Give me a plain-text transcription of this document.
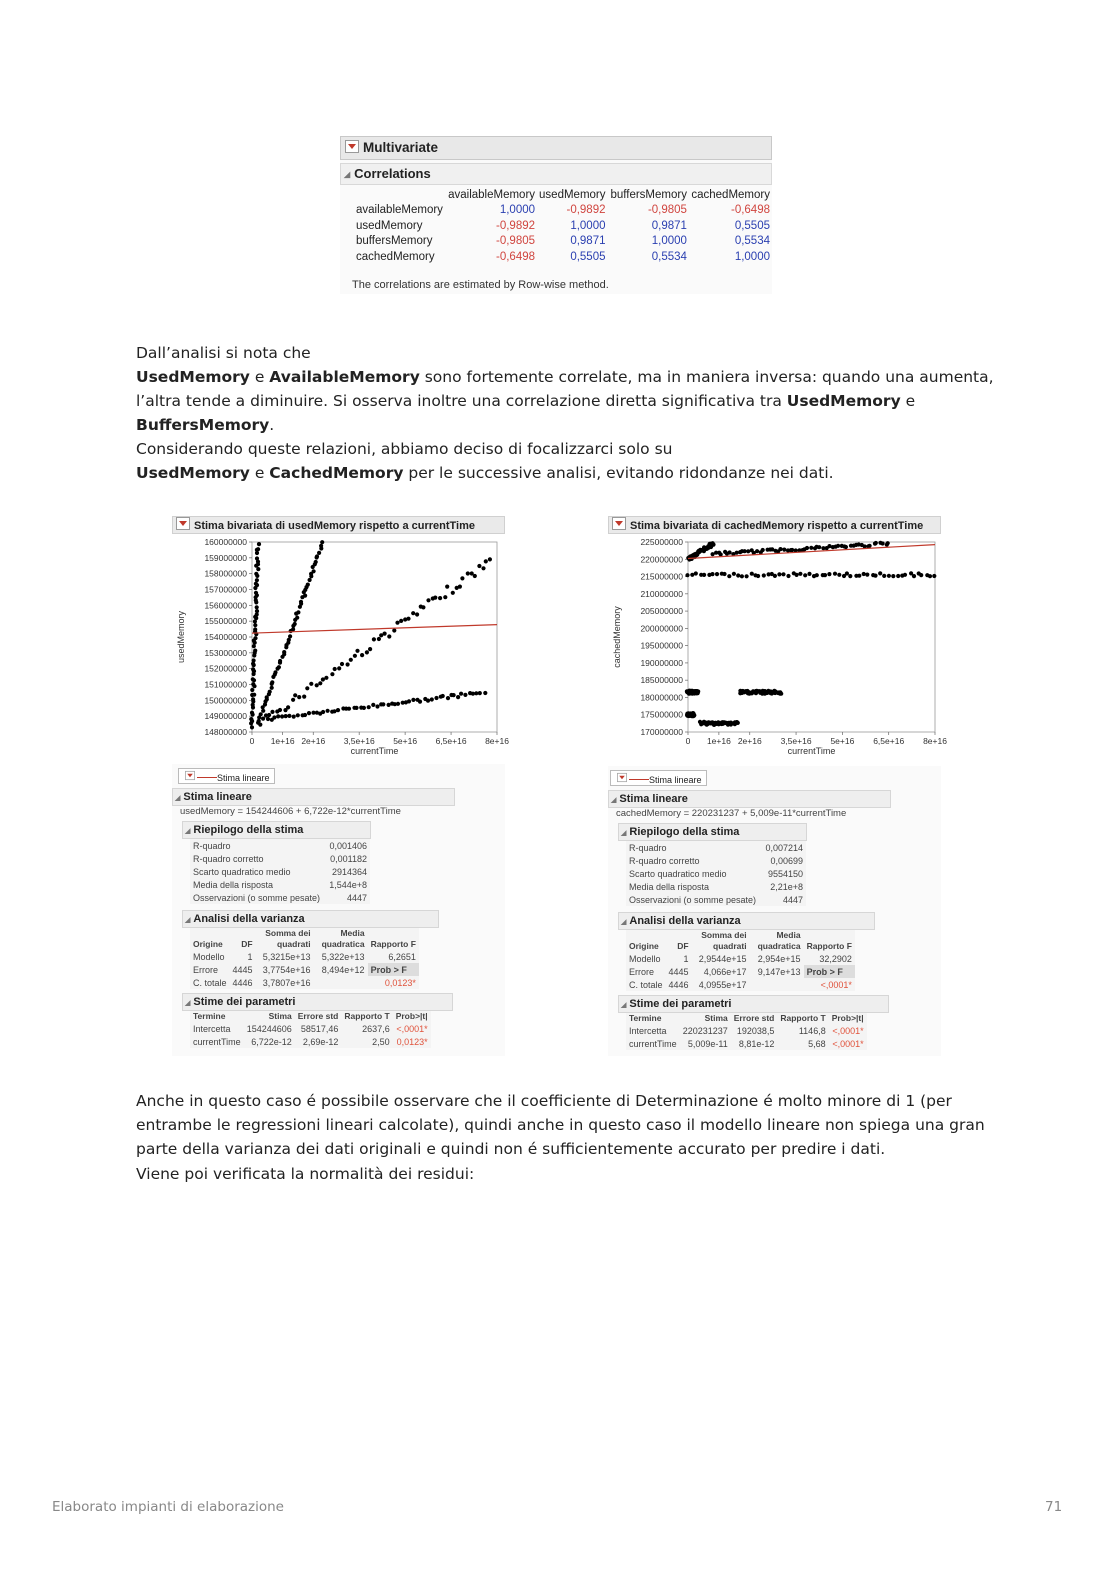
Multivariate
◢ Correlations
	availableMemory	usedMemory	buffersMemory	cachedMemory
availableMemory	1,0000	-0,9892	-0,9805	-0,6498
usedMemory	-0,9892	1,0000	0,9871	0,5505
buffersMemory	-0,9805	0,9871	1,0000	0,5534
cachedMemory	-0,6498	0,5505	0,5534	1,0000
The correlations are estimated by Row-wise method.
Dall’analisi si nota che
UsedMemory e AvailableMemory sono fortemente correlate, ma in maniera inversa: quando una aumenta,
l’altra tende a diminuire. Si osserva inoltre una correlazione diretta significativa tra UsedMemory e
BuffersMemory.
Considerando queste relazioni, abbiamo deciso di focalizzarci solo su
UsedMemory e CachedMemory per le successive analisi, evitando ridondanze nei dati.
Stima bivariata di usedMemory rispetto a currentTime
148000000
149000000
150000000
151000000
152000000
153000000
154000000
155000000
156000000
157000000
158000000
159000000
160000000
0 1e+16 2e+16 3,5e+16 5e+16 6,5e+16 8e+16
currentTime
usedMemory
Stima lineare
◢ Stima lineare
usedMemory = 154244606 + 6,722e-12*currentTime
◢ Riepilogo della stima
R-quadro	0,001406
R-quadro corretto	0,001182
Scarto quadratico medio	2914364
Media della risposta	1,544e+8
Osservazioni (o somme pesate)	4447
◢ Analisi della varianza
Origine	DF	Somma dei quadrati	Media quadratica	Rapporto F
Modello	1	5,3215e+13	5,322e+13	6,2651
Errore	4445	3,7754e+16	8,494e+12	Prob > F
C. totale	4446	3,7807e+16		0,0123*
◢ Stime dei parametri
Termine	Stima	Errore std	Rapporto T	Prob>|t|
Intercetta	154244606	58517,46	2637,6	<,0001*
currentTime	6,722e-12	2,69e-12	2,50	0,0123*
Stima bivariata di cachedMemory rispetto a currentTime
170000000
175000000
180000000
185000000
190000000
195000000
200000000
205000000
210000000
215000000
220000000
225000000
0 1e+16 2e+16 3,5e+16 5e+16 6,5e+16 8e+16
currentTime
cachedMemory
Stima lineare
◢ Stima lineare
cachedMemory = 220231237 + 5,009e-11*currentTime
◢ Riepilogo della stima
R-quadro	0,007214
R-quadro corretto	0,00699
Scarto quadratico medio	9554150
Media della risposta	2,21e+8
Osservazioni (o somme pesate)	4447
◢ Analisi della varianza
Origine	DF	Somma dei quadrati	Media quadratica	Rapporto F
Modello	1	2,9544e+15	2,954e+15	32,2902
Errore	4445	4,066e+17	9,147e+13	Prob > F
C. totale	4446	4,0955e+17		<,0001*
◢ Stime dei parametri
Termine	Stima	Errore std	Rapporto T	Prob>|t|
Intercetta	220231237	192038,5	1146,8	<,0001*
currentTime	5,009e-11	8,81e-12	5,68	<,0001*
Anche in questo caso é possibile osservare che il coefficiente di Determinazione é molto minore di 1 (per
entrambe le regressioni lineari calcolate), quindi anche in questo caso il modello lineare non spiega una gran
parte della varianza dei dati originali e quindi non é sufficientemente accurato per predire i dati.
Viene poi verificata la normalità dei residui:
Elaborato impianti di elaborazione	71
